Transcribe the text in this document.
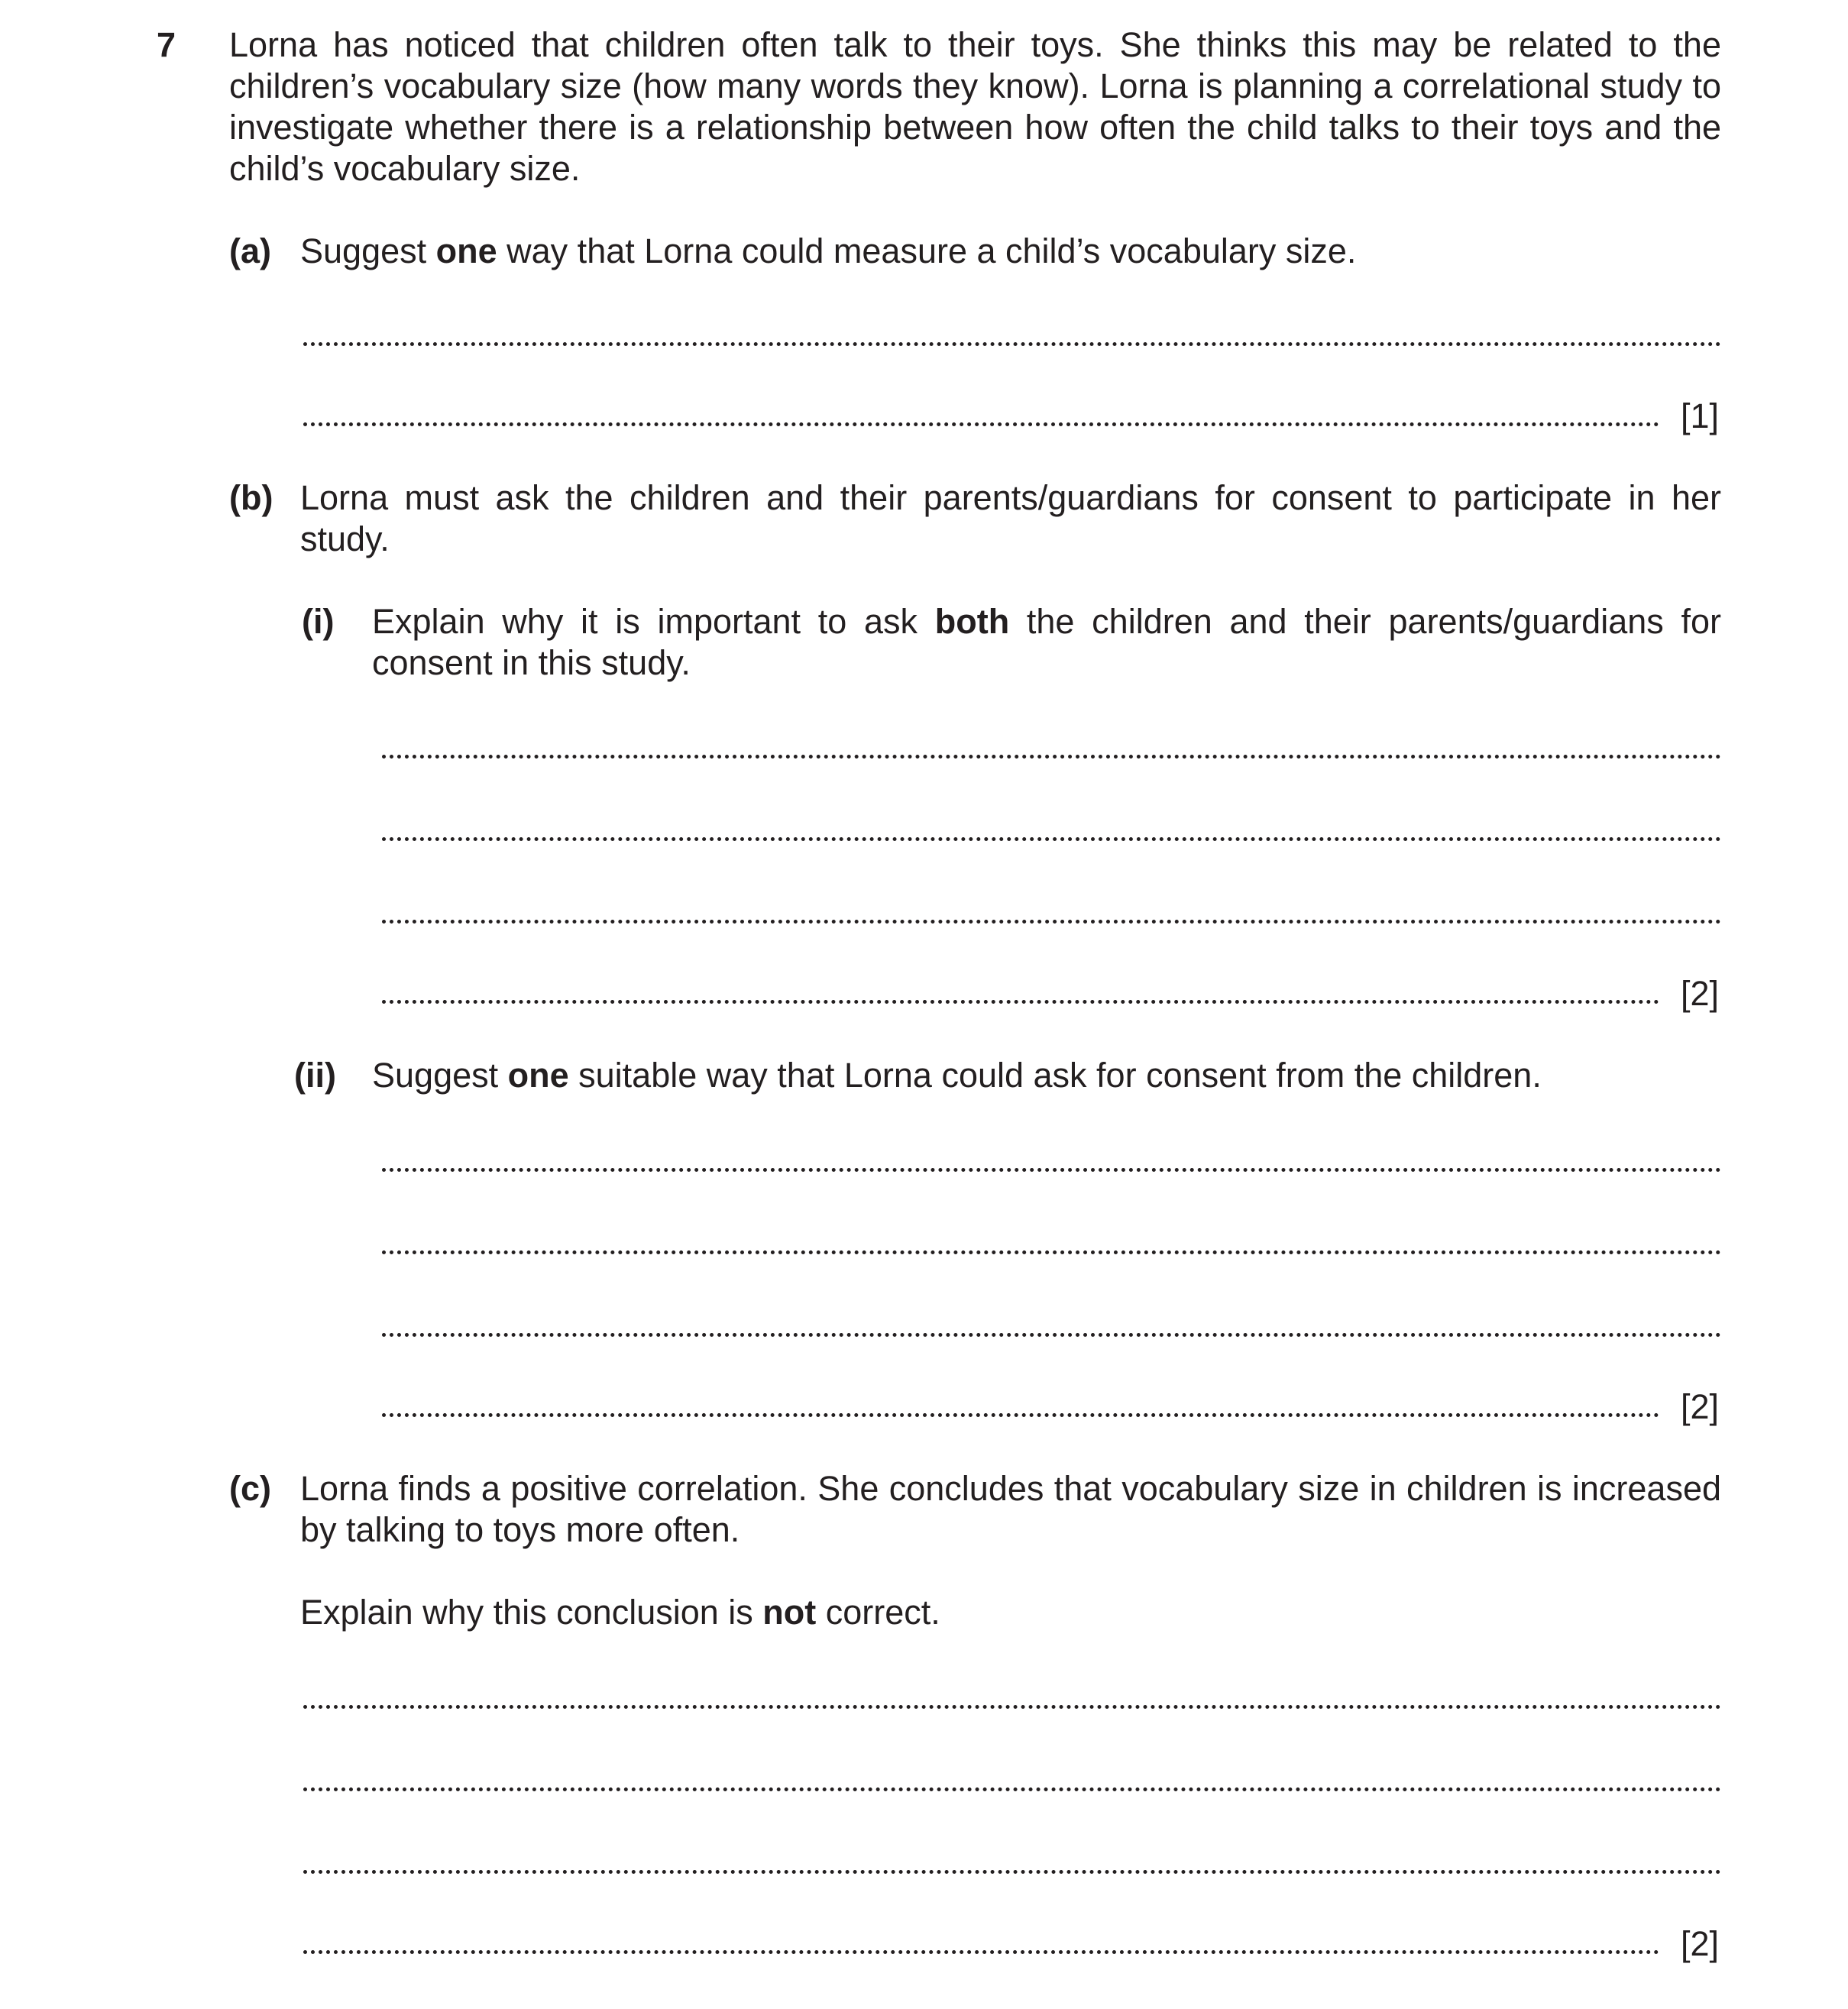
7 Lorna has noticed that children often talk to their toys. She thinks this may be related to the children’s vocabulary size (how many words they know). Lorna is planning a correlational study to investigate whether there is a relationship between how often the child talks to their toys and the child’s vocabulary size.
(a) Suggest one way that Lorna could measure a child’s vocabulary size.
[1]
(b) Lorna must ask the children and their parents/guardians for consent to participate in her study.
(i) Explain why it is important to ask both the children and their parents/guardians for consent in this study.
[2]
(ii) Suggest one suitable way that Lorna could ask for consent from the children.
[2]
(c) Lorna finds a positive correlation. She concludes that vocabulary size in children is increased by talking to toys more often.
Explain why this conclusion is not correct.
[2]
